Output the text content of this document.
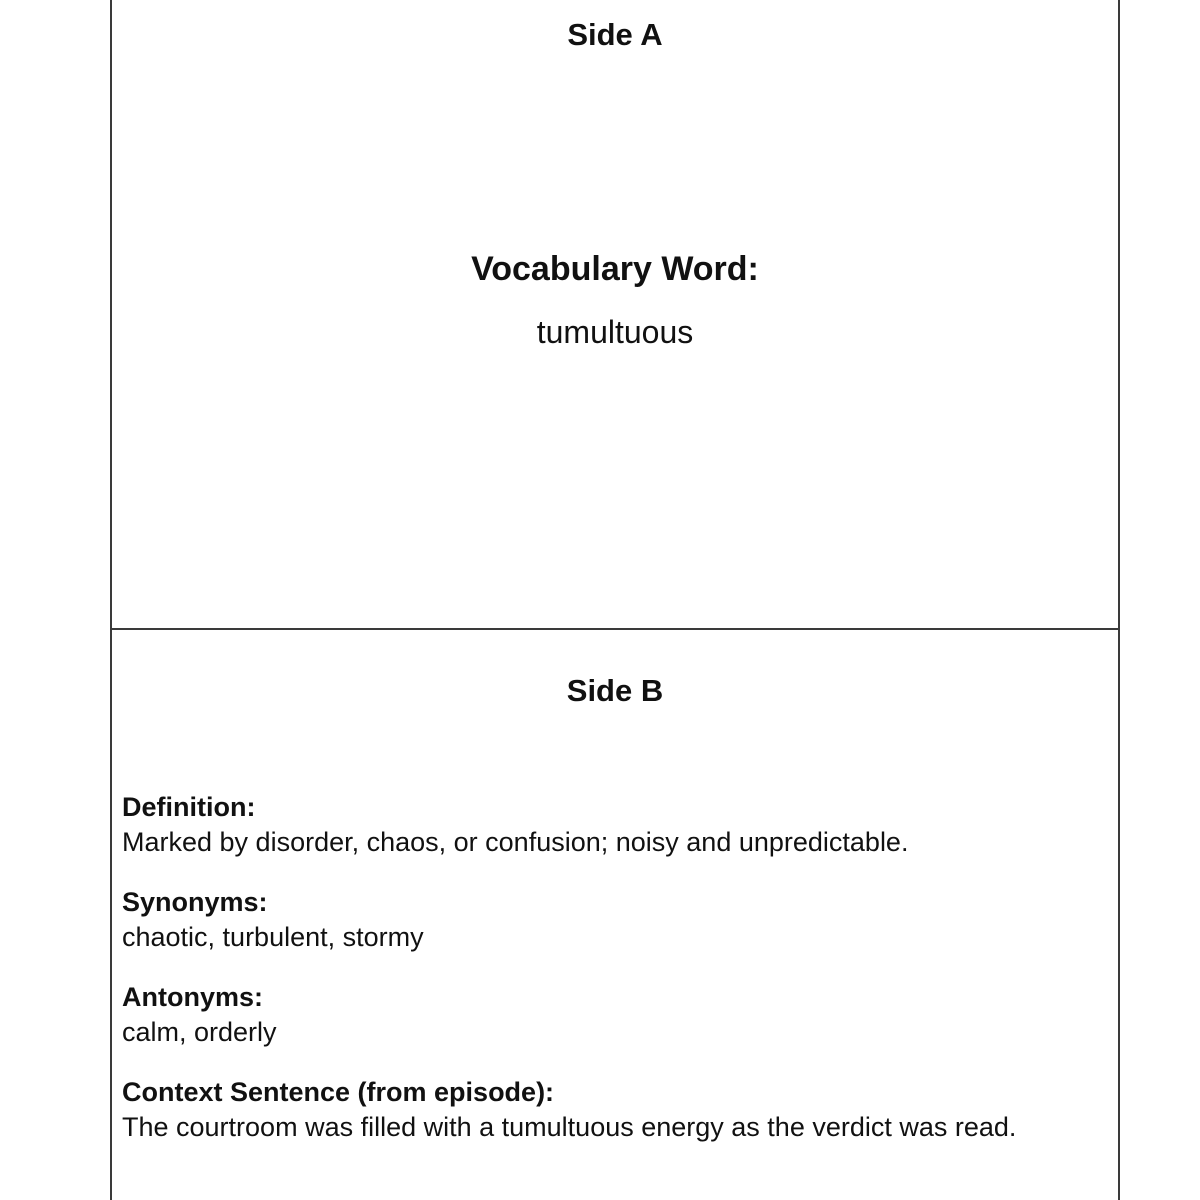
Side A
Vocabulary Word:
tumultuous
Side B
Definition:
Marked by disorder, chaos, or confusion; noisy and unpredictable.
Synonyms:
chaotic, turbulent, stormy
Antonyms:
calm, orderly
Context Sentence (from episode):
The courtroom was filled with a tumultuous energy as the verdict was read.
